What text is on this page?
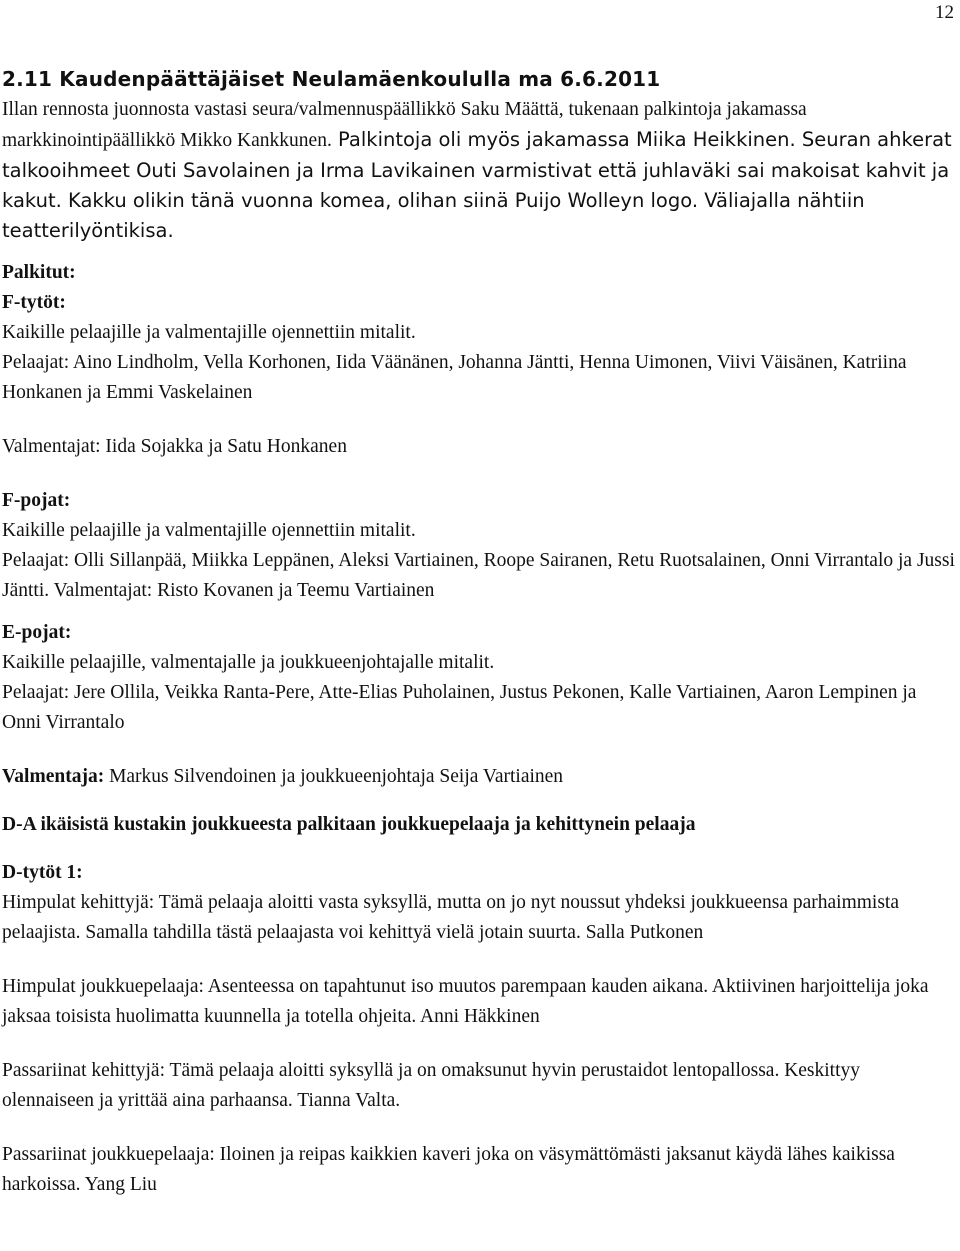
12

2.11 Kaudenpäättäjäiset Neulamäenkoululla ma 6.6.2011

Illan rennosta juonnosta vastasi seura/valmennuspäällikkö Saku Määttä, tukenaan palkintoja jakamassa markkinointipäällikkö Mikko Kankkunen. Palkintoja oli myös jakamassa Miika Heikkinen. Seuran ahkerat talkooihmeet Outi Savolainen ja Irma Lavikainen varmistivat että juhlaväki sai makoisat kahvit ja kakut. Kakku olikin tänä vuonna komea, olihan siinä Puijo Wolleyn logo. Väliajalla nähtiin teatterilyöntikisa.

Palkitut:

F-tytöt:

Kaikille pelaajille ja valmentajille ojennettiin mitalit.

Pelaajat: Aino Lindholm, Vella Korhonen, Iida Väänänen, Johanna Jäntti, Henna Uimonen, Viivi Väisänen, Katriina Honkanen ja Emmi Vaskelainen

Valmentajat: Iida Sojakka ja Satu Honkanen

F-pojat:

Kaikille pelaajille ja valmentajille ojennettiin mitalit.

Pelaajat: Olli Sillanpää, Miikka Leppänen, Aleksi Vartiainen, Roope Sairanen, Retu Ruotsalainen, Onni Virrantalo ja Jussi Jäntti. Valmentajat: Risto Kovanen ja Teemu Vartiainen

E-pojat:

Kaikille pelaajille, valmentajalle ja joukkueenjohtajalle mitalit.

Pelaajat: Jere Ollila, Veikka Ranta-Pere, Atte-Elias Puholainen, Justus Pekonen, Kalle Vartiainen, Aaron Lempinen ja Onni Virrantalo

Valmentaja: Markus Silvendoinen ja joukkueenjohtaja Seija Vartiainen

D-A ikäisistä kustakin joukkueesta palkitaan joukkuepelaaja ja kehittynein pelaaja

D-tytöt 1:

Himpulat kehittyjä: Tämä pelaaja aloitti vasta syksyllä, mutta on jo nyt noussut yhdeksi joukkueensa parhaimmista pelaajista. Samalla tahdilla tästä pelaajasta voi kehittyä vielä jotain suurta. Salla Putkonen

Himpulat joukkuepelaaja: Asenteessa on tapahtunut iso muutos parempaan kauden aikana. Aktiivinen harjoittelija joka jaksaa toisista huolimatta kuunnella ja totella ohjeita. Anni Häkkinen

Passariinat kehittyjä: Tämä pelaaja aloitti syksyllä ja on omaksunut hyvin perustaidot lentopallossa. Keskittyy olennaiseen ja yrittää aina parhaansa. Tianna Valta.

Passariinat joukkuepelaaja: Iloinen ja reipas kaikkien kaveri joka on väsymättömästi jaksanut käydä lähes kaikissa harkoissa. Yang Liu
